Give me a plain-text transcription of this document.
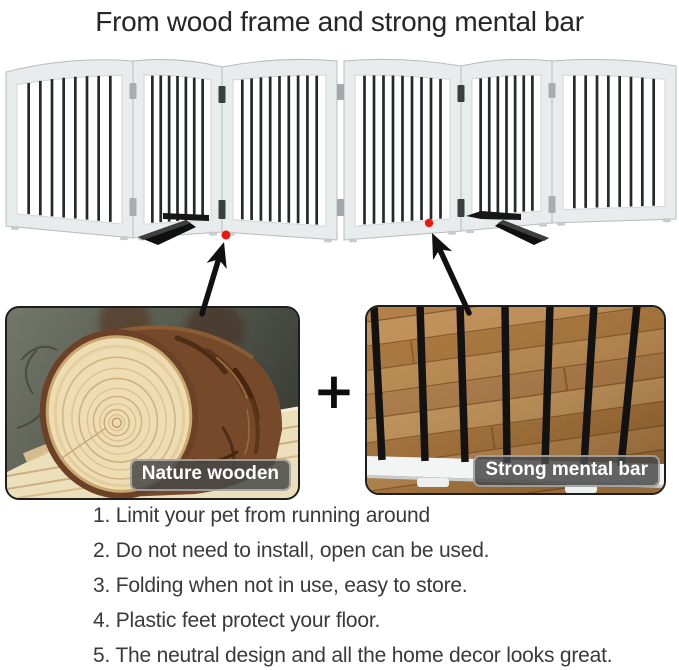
From wood frame and strong mental bar
Nature wooden
+
Strong mental bar
1. Limit your pet from running around
2. Do not need to install, open can be used.
3. Folding when not in use, easy to store.
4. Plastic feet protect your floor.
5. The neutral design and all the home decor looks great.
